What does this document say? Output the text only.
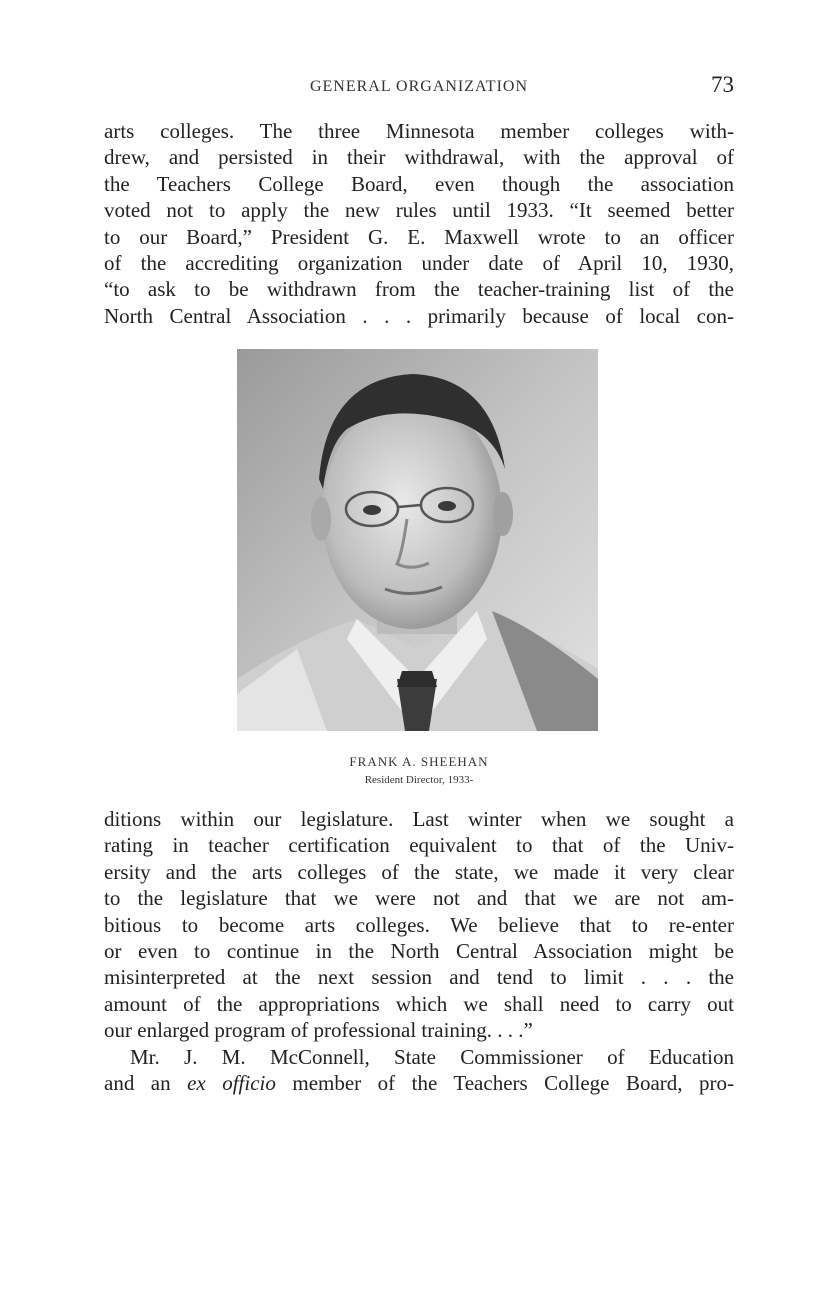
GENERAL ORGANIZATION	73
arts colleges. The three Minnesota member colleges with-
drew, and persisted in their withdrawal, with the approval of
the Teachers College Board, even though the association
voted not to apply the new rules until 1933. “It seemed better
to our Board,” President G. E. Maxwell wrote to an officer
of the accrediting organization under date of April 10, 1930,
“to ask to be withdrawn from the teacher-training list of the
North Central Association . . . primarily because of local con-
FRANK A. SHEEHAN
Resident Director, 1933-
ditions within our legislature. Last winter when we sought a
rating in teacher certification equivalent to that of the Univ-
ersity and the arts colleges of the state, we made it very clear
to the legislature that we were not and that we are not am-
bitious to become arts colleges. We believe that to re-enter
or even to continue in the North Central Association might be
misinterpreted at the next session and tend to limit . . . the
amount of the appropriations which we shall need to carry out
our enlarged program of professional training. . . .”
Mr. J. M. McConnell, State Commissioner of Education
and an ex officio member of the Teachers College Board, pro-
